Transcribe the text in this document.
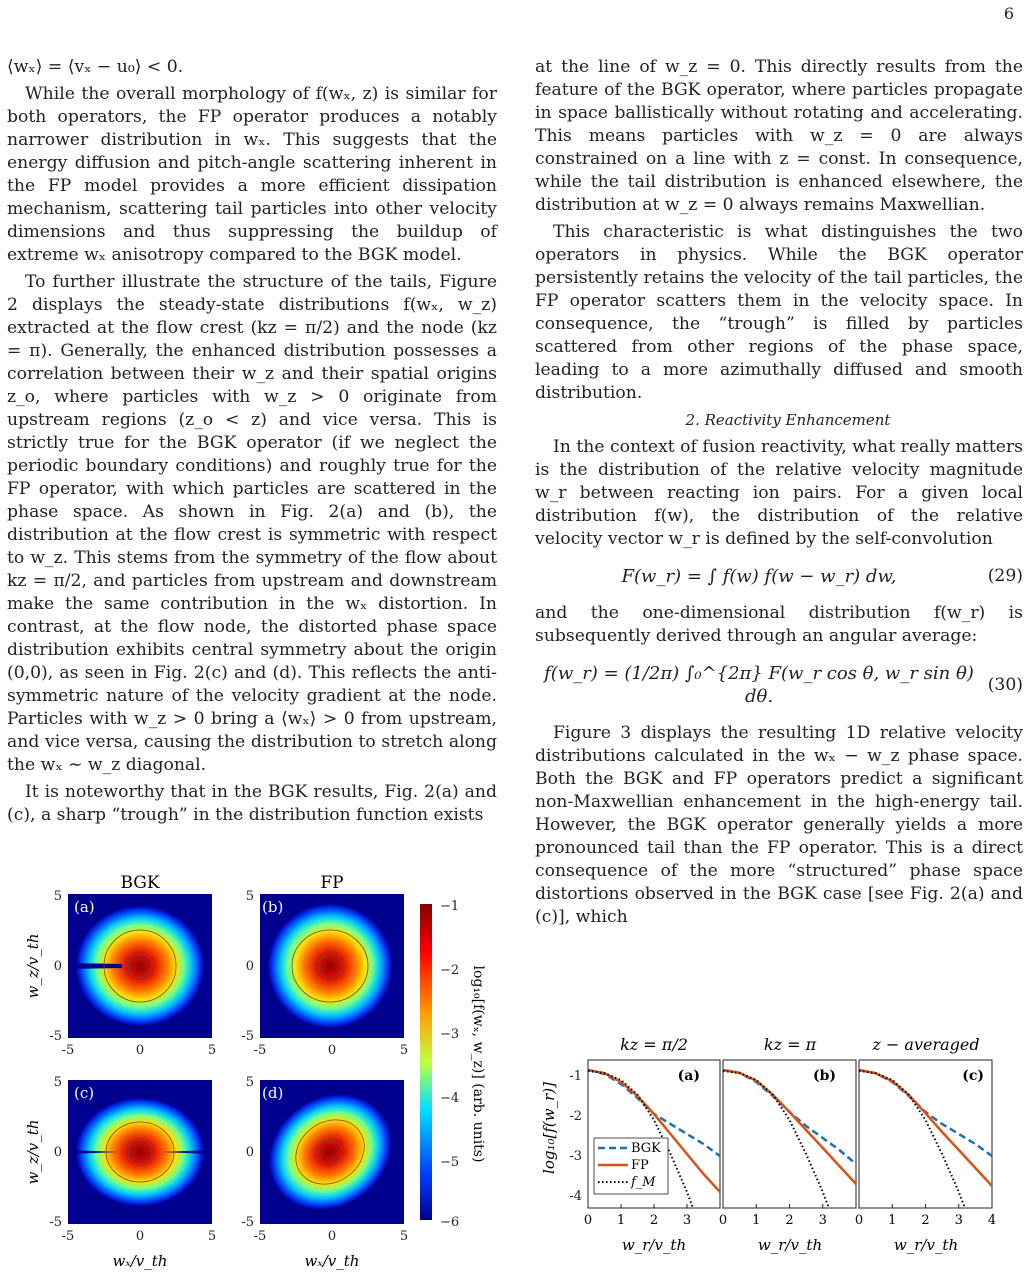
6

⟨wₓ⟩ = ⟨vₓ − u₀⟩ < 0.

While the overall morphology of f(wₓ, z) is similar for both operators, the FP operator produces a notably narrower distribution in wₓ. This suggests that the energy diffusion and pitch-angle scattering inherent in the FP model provides a more efficient dissipation mechanism, scattering tail particles into other velocity dimensions and thus suppressing the buildup of extreme wₓ anisotropy compared to the BGK model.

To further illustrate the structure of the tails, Figure 2 displays the steady-state distributions f(wₓ, w_z) extracted at the flow crest (kz = π/2) and the node (kz = π). Generally, the enhanced distribution possesses a correlation between their w_z and their spatial origins z_o, where particles with w_z > 0 originate from upstream regions (z_o < z) and vice versa. This is strictly true for the BGK operator (if we neglect the periodic boundary conditions) and roughly true for the FP operator, with which particles are scattered in the phase space. As shown in Fig. 2(a) and (b), the distribution at the flow crest is symmetric with respect to w_z. This stems from the symmetry of the flow about kz = π/2, and particles from upstream and downstream make the same contribution in the wₓ distortion. In contrast, at the flow node, the distorted phase space distribution exhibits central symmetry about the origin (0,0), as seen in Fig. 2(c) and (d). This reflects the anti-symmetric nature of the velocity gradient at the node. Particles with w_z > 0 bring a ⟨wₓ⟩ > 0 from upstream, and vice versa, causing the distribution to stretch along the wₓ ∼ w_z diagonal.

It is noteworthy that in the BGK results, Fig. 2(a) and (c), a sharp “trough” in the distribution function exists

at the line of w_z = 0. This directly results from the feature of the BGK operator, where particles propagate in space ballistically without rotating and accelerating. This means particles with w_z = 0 are always constrained on a line with z = const. In consequence, while the tail distribution is enhanced elsewhere, the distribution at w_z = 0 always remains Maxwellian.

This characteristic is what distinguishes the two operators in physics. While the BGK operator persistently retains the velocity of the tail particles, the FP operator scatters them in the velocity space. In consequence, the “trough” is filled by particles scattered from other regions of the phase space, leading to a more azimuthally diffused and smooth distribution.

2. Reactivity Enhancement

In the context of fusion reactivity, what really matters is the distribution of the relative velocity magnitude w_r between reacting ion pairs. For a given local distribution f(w), the distribution of the relative velocity vector w_r is defined by the self-convolution

F(w_r) = ∫ f(w) f(w − w_r) dw,	(29)

and the one-dimensional distribution f(w_r) is subsequently derived through an angular average:

f(w_r) = (1/2π) ∫₀^{2π} F(w_r cos θ, w_r sin θ) dθ.
(30)

Figure 3 displays the resulting 1D relative velocity distributions calculated in the wₓ − w_z phase space. Both the BGK and FP operators predict a significant non-Maxwellian enhancement in the high-energy tail. However, the BGK operator generally yields a more pronounced tail than the FP operator. This is a direct consequence of the more “structured” phase space distortions observed in the BGK case [see Fig. 2(a) and (c)], which

BGK	FP
(a)	(b)
(c)	(d)
-5	0	5	-5	0	5
-5	0	5	-5	0	5
5
0
-5
5
0
-5
5
0
-5
5
0
-5
wₓ/v_th	wₓ/v_th
w_z/v_th
w_z/v_th
−1
−2
−3
−4
−5
−6
log₁₀[f(wₓ, w_z)] (arb. units)
0 1 2 3 0 1 2 3 0 1 2 3 4
log₁₀[f(w_r)]
-1
-2
-3
-4
kz = π/2	kz = π	z − averaged
(a)	(b)	(c)
w_r/v_th	w_r/v_th	w_r/v_th
BGK
FP
f_M
